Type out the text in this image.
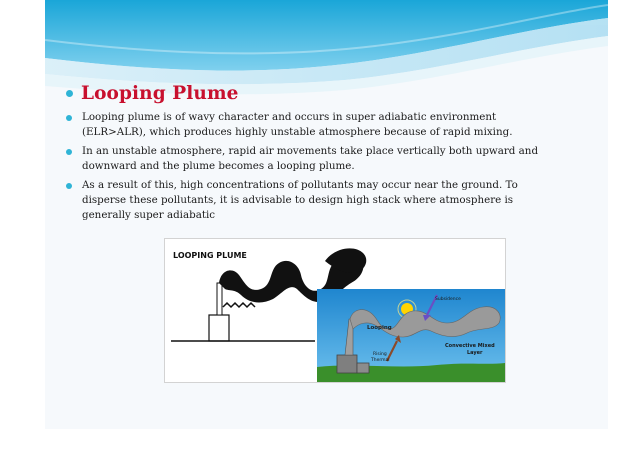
Looping Plume
Looping plume is of wavy character and occurs in super adiabatic environment (ELR>ALR), which produces highly unstable atmosphere because of rapid mixing.
In an unstable atmosphere, rapid air movements take place vertically both upward and downward and the plume becomes a looping plume.
As a result of this, high concentrations of pollutants may occur near the ground. To disperse these pollutants, it is advisable to design high stack where atmosphere is generally super adiabatic
LOOPING PLUME
Subsidence
Looping
Rising
Thermal
Convective Mixed
Layer
